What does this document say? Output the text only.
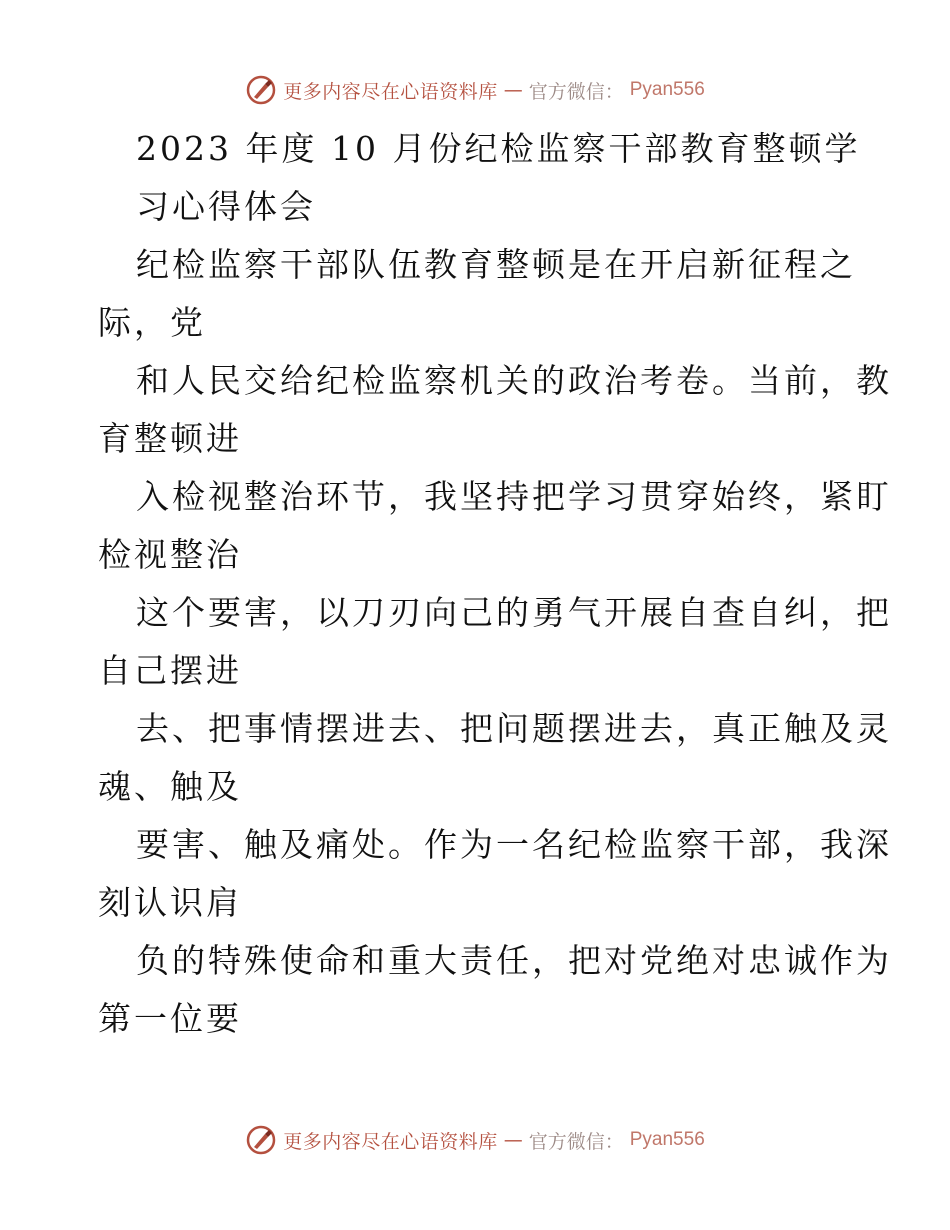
更多内容尽在心语资料库 — 官方微信： Pyan556
2023 年度 10 月份纪检监察干部教育整顿学
习心得体会
纪检监察干部队伍教育整顿是在开启新征程之
际，党
和人民交给纪检监察机关的政治考卷。当前，教
育整顿进
入检视整治环节，我坚持把学习贯穿始终，紧盯
检视整治
这个要害，以刀刃向己的勇气开展自查自纠，把
自己摆进
去、把事情摆进去、把问题摆进去，真正触及灵
魂、触及
要害、触及痛处。作为一名纪检监察干部，我深
刻认识肩
负的特殊使命和重大责任，把对党绝对忠诚作为
第一位要
更多内容尽在心语资料库 — 官方微信： Pyan556
